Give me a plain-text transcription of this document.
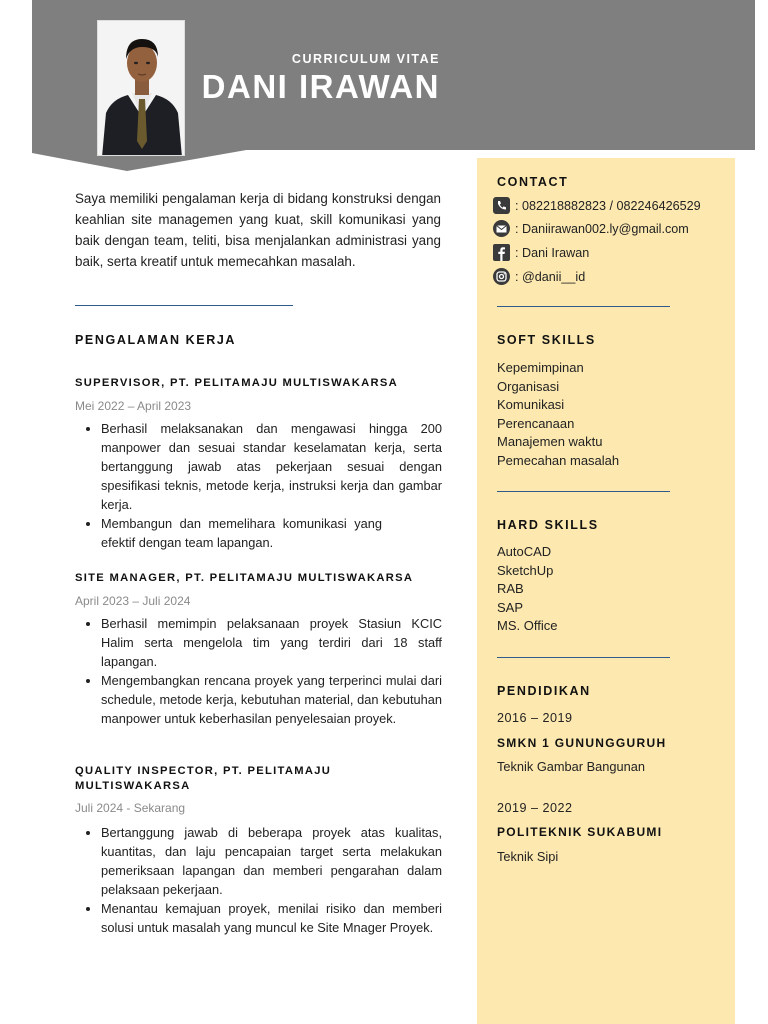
CURRICULUM VITAE
DANI IRAWAN
Saya memiliki pengalaman kerja di bidang konstruksi dengan keahlian site managemen yang kuat, skill komunikasi yang baik dengan team, teliti, bisa menjalankan administrasi yang baik, serta kreatif untuk memecahkan masalah.
PENGALAMAN KERJA
SUPERVISOR, PT. PELITAMAJU MULTISWAKARSA
Mei 2022 – April 2023
• Berhasil melaksanakan dan mengawasi hingga 200 manpower dan sesuai standar keselamatan kerja, serta bertanggung jawab atas pekerjaan sesuai dengan spesifikasi teknis, metode kerja, instruksi kerja dan gambar kerja.
• Membangun dan memelihara komunikasi yang efektif dengan team lapangan.
SITE MANAGER, PT. PELITAMAJU MULTISWAKARSA
April 2023 – Juli 2024
• Berhasil memimpin pelaksanaan proyek Stasiun KCIC Halim serta mengelola tim yang terdiri dari 18 staff lapangan.
• Mengembangkan rencana proyek yang terperinci mulai dari schedule, metode kerja, kebutuhan material, dan kebutuhan manpower untuk keberhasilan penyelesaian proyek.
QUALITY INSPECTOR, PT. PELITAMAJU MULTISWAKARSA
Juli 2024 - Sekarang
• Bertanggung jawab di beberapa proyek atas kualitas, kuantitas, dan laju pencapaian target serta melakukan pemeriksaan lapangan dan memberi pengarahan dalam pelaksaan pekerjaan.
• Menantau kemajuan proyek, menilai risiko dan memberi solusi untuk masalah yang muncul ke Site Mnager Proyek.
CONTACT
: 082218882823 / 082246426529
: Daniirawan002.ly@gmail.com
: Dani Irawan
: @danii__id
SOFT SKILLS
Kepemimpinan
Organisasi
Komunikasi
Perencanaan
Manajemen waktu
Pemecahan masalah
HARD SKILLS
AutoCAD
SketchUp
RAB
SAP
MS. Office
PENDIDIKAN
2016 – 2019
SMKN 1 GUNUNGGURUH
Teknik Gambar Bangunan
2019 – 2022
POLITEKNIK SUKABUMI
Teknik Sipi
